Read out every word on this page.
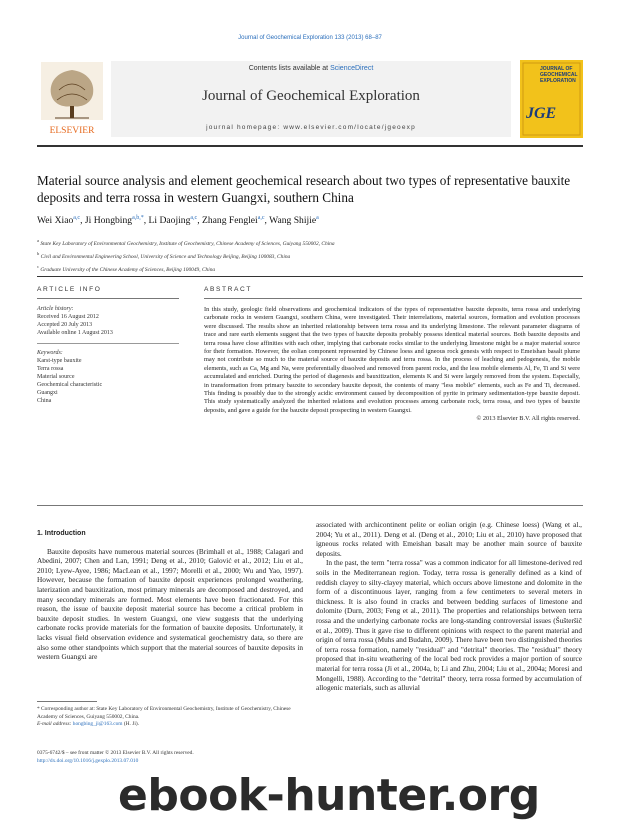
Journal of Geochemical Exploration 133 (2013) 68–87
ELSEVIER
Contents lists available at ScienceDirect
Journal of Geochemical Exploration
journal homepage: www.elsevier.com/locate/jgeoexp
JGE
JOURNAL OF GEOCHEMICAL EXPLORATION
Material source analysis and element geochemical research about two types of representative bauxite deposits and terra rossa in western Guangxi, southern China
Wei Xiao$^{a,c}$, Ji Hongbing$^{a,b,*}$, Li Daojing$^{a,c}$, Zhang Fenglei$^{a,c}$, Wang Shijie$^a$
$^a$ State Key Laboratory of Environmental Geochemistry, Institute of Geochemistry, Chinese Academy of Sciences, Guiyang 550002, China
$^b$ Civil and Environmental Engineering School, University of Science and Technology Beijing, Beijing 100083, China
$^c$ Graduate University of the Chinese Academy of Sciences, Beijing 100049, China
ARTICLE INFO	ABSTRACT
Article history:
Received 16 August 2012
Accepted 20 July 2013
Available online 1 August 2013
Keywords:
Karst-type bauxite
Terra rossa
Material source
Geochemical characteristic
Guangxi
China
In this study, geologic field observations and geochemical indicators of the types of representative bauxite deposits, terra rossa and underlying carbonate rocks in western Guangxi, southern China, were investigated. Their interrelations, material sources, formation and evolution processes were discussed. The results show an inherited relationship between terra rossa and its underlying limestone. The relevant parameter diagrams of trace and rare earth elements suggest that the two types of bauxite deposits probably possess identical material sources. Both bauxite deposits and terra rossa have close affinities with each other, implying that carbonate rocks similar to the underlying limestone might be a major material source for their formation. However, the eolian component represented by Chinese loess and igneous rock genesis with respect to Emeishan basalt plume may not contribute so much to the material source of bauxite deposits and terra rossa. In the process of leaching and pedogenesis, the mobile elements, such as Ca, Mg and Na, were preferentially dissolved and removed from parent rocks, and the less mobile elements Al, Fe, Ti and Si were accumulated and enriched. During the period of diagenesis and bauxitization, elements K and Si were largely removed from the system. Especially, in transformation from primary bauxite to secondary bauxite deposit, the contents of many "less mobile" elements, such as Fe and Ti, decreased. This finding is possibly due to the strongly acidic environment caused by decomposition of pyrite in primary sedimentation-type bauxite deposit. This study systematically analyzed the inherited relations and evolution processes among carbonate rock, terra rossa, and two types of bauxite deposits, and gave a guide for the bauxite deposit prospecting in western Guangxi.
© 2013 Elsevier B.V. All rights reserved.
1. Introduction

Bauxite deposits have numerous material sources (Brimhall et al., 1988; Calagari and Abedini, 2007; Chen and Lan, 1991; Deng et al., 2010; Galović et al., 2012; Liu et al., 2010; Lyew-Ayee, 1986; MacLean et al., 1997; Morelli et al., 2000; Wu and Yao, 1997). However, because the formation of bauxite deposit experiences prolonged weathering, laterization and bauxitization, most primary minerals are decomposed and destroyed, and many secondary minerals are formed. Most elements have been fractionated. For this reason, the issue of bauxite deposit material source has become a critical problem in bauxite deposit studies. In western Guangxi, one view suggests that the underlying carbonate rocks provide materials for the formation of bauxite deposits. Unfortunately, it lacks visual field observation evidence and systematical geochemistry data, so there are also some other standpoints which support that the material sources of bauxite deposits in western Guangxi are

associated with archicontinent pelite or eolian origin (e.g. Chinese loess) (Wang et al., 2004; Yu et al., 2011). Deng et al. (Deng et al., 2010; Liu et al., 2010) have proposed that igneous rocks related with Emeishan basalt may be another main source of bauxite deposits.

In the past, the term "terra rossa" was a common indicator for all limestone-derived red soils in the Mediterranean region. Today, terra rossa is generally defined as a kind of reddish clayey to silty-clayey material, which occurs above limestone and dolomite in the form of a discontinuous layer, ranging from a few centimeters to several meters in thickness. It is also found in cracks and between bedding surfaces of limestone and dolomite (Durn, 2003; Feng et al., 2011). The properties and relationships between terra rossa and the underlying carbonate rocks are long-standing controversial issues (Šušteršič et al., 2009). Thus it gave rise to different opinions with respect to the parent material and origin of terra rossa (Muhs and Budahn, 2009). There have been two distinguished theories of terra rossa formation, namely "residual" and "detrital" theories. The "residual" theory proposed that in-situ weathering of the local bed rock provides a major portion of source material for terra rossa (Ji et al., 2004a, b; Li and Zhu, 2004; Liu et al., 2004a; Moresi and Mongelli, 1988). According to the "detrital" theory, terra rossa formed by accumulation of allogenic materials, such as alluvial

* Corresponding author at: State Key Laboratory of Environmental Geochemistry, Institute of Geochemistry, Chinese Academy of Sciences, Guiyang 550002, China.
E-mail address: hongbing_ji@163.com (H. Ji).
0375-6742/$ – see front matter © 2013 Elsevier B.V. All rights reserved.
http://dx.doi.org/10.1016/j.gexplo.2013.07.010
ebook-hunter.org
